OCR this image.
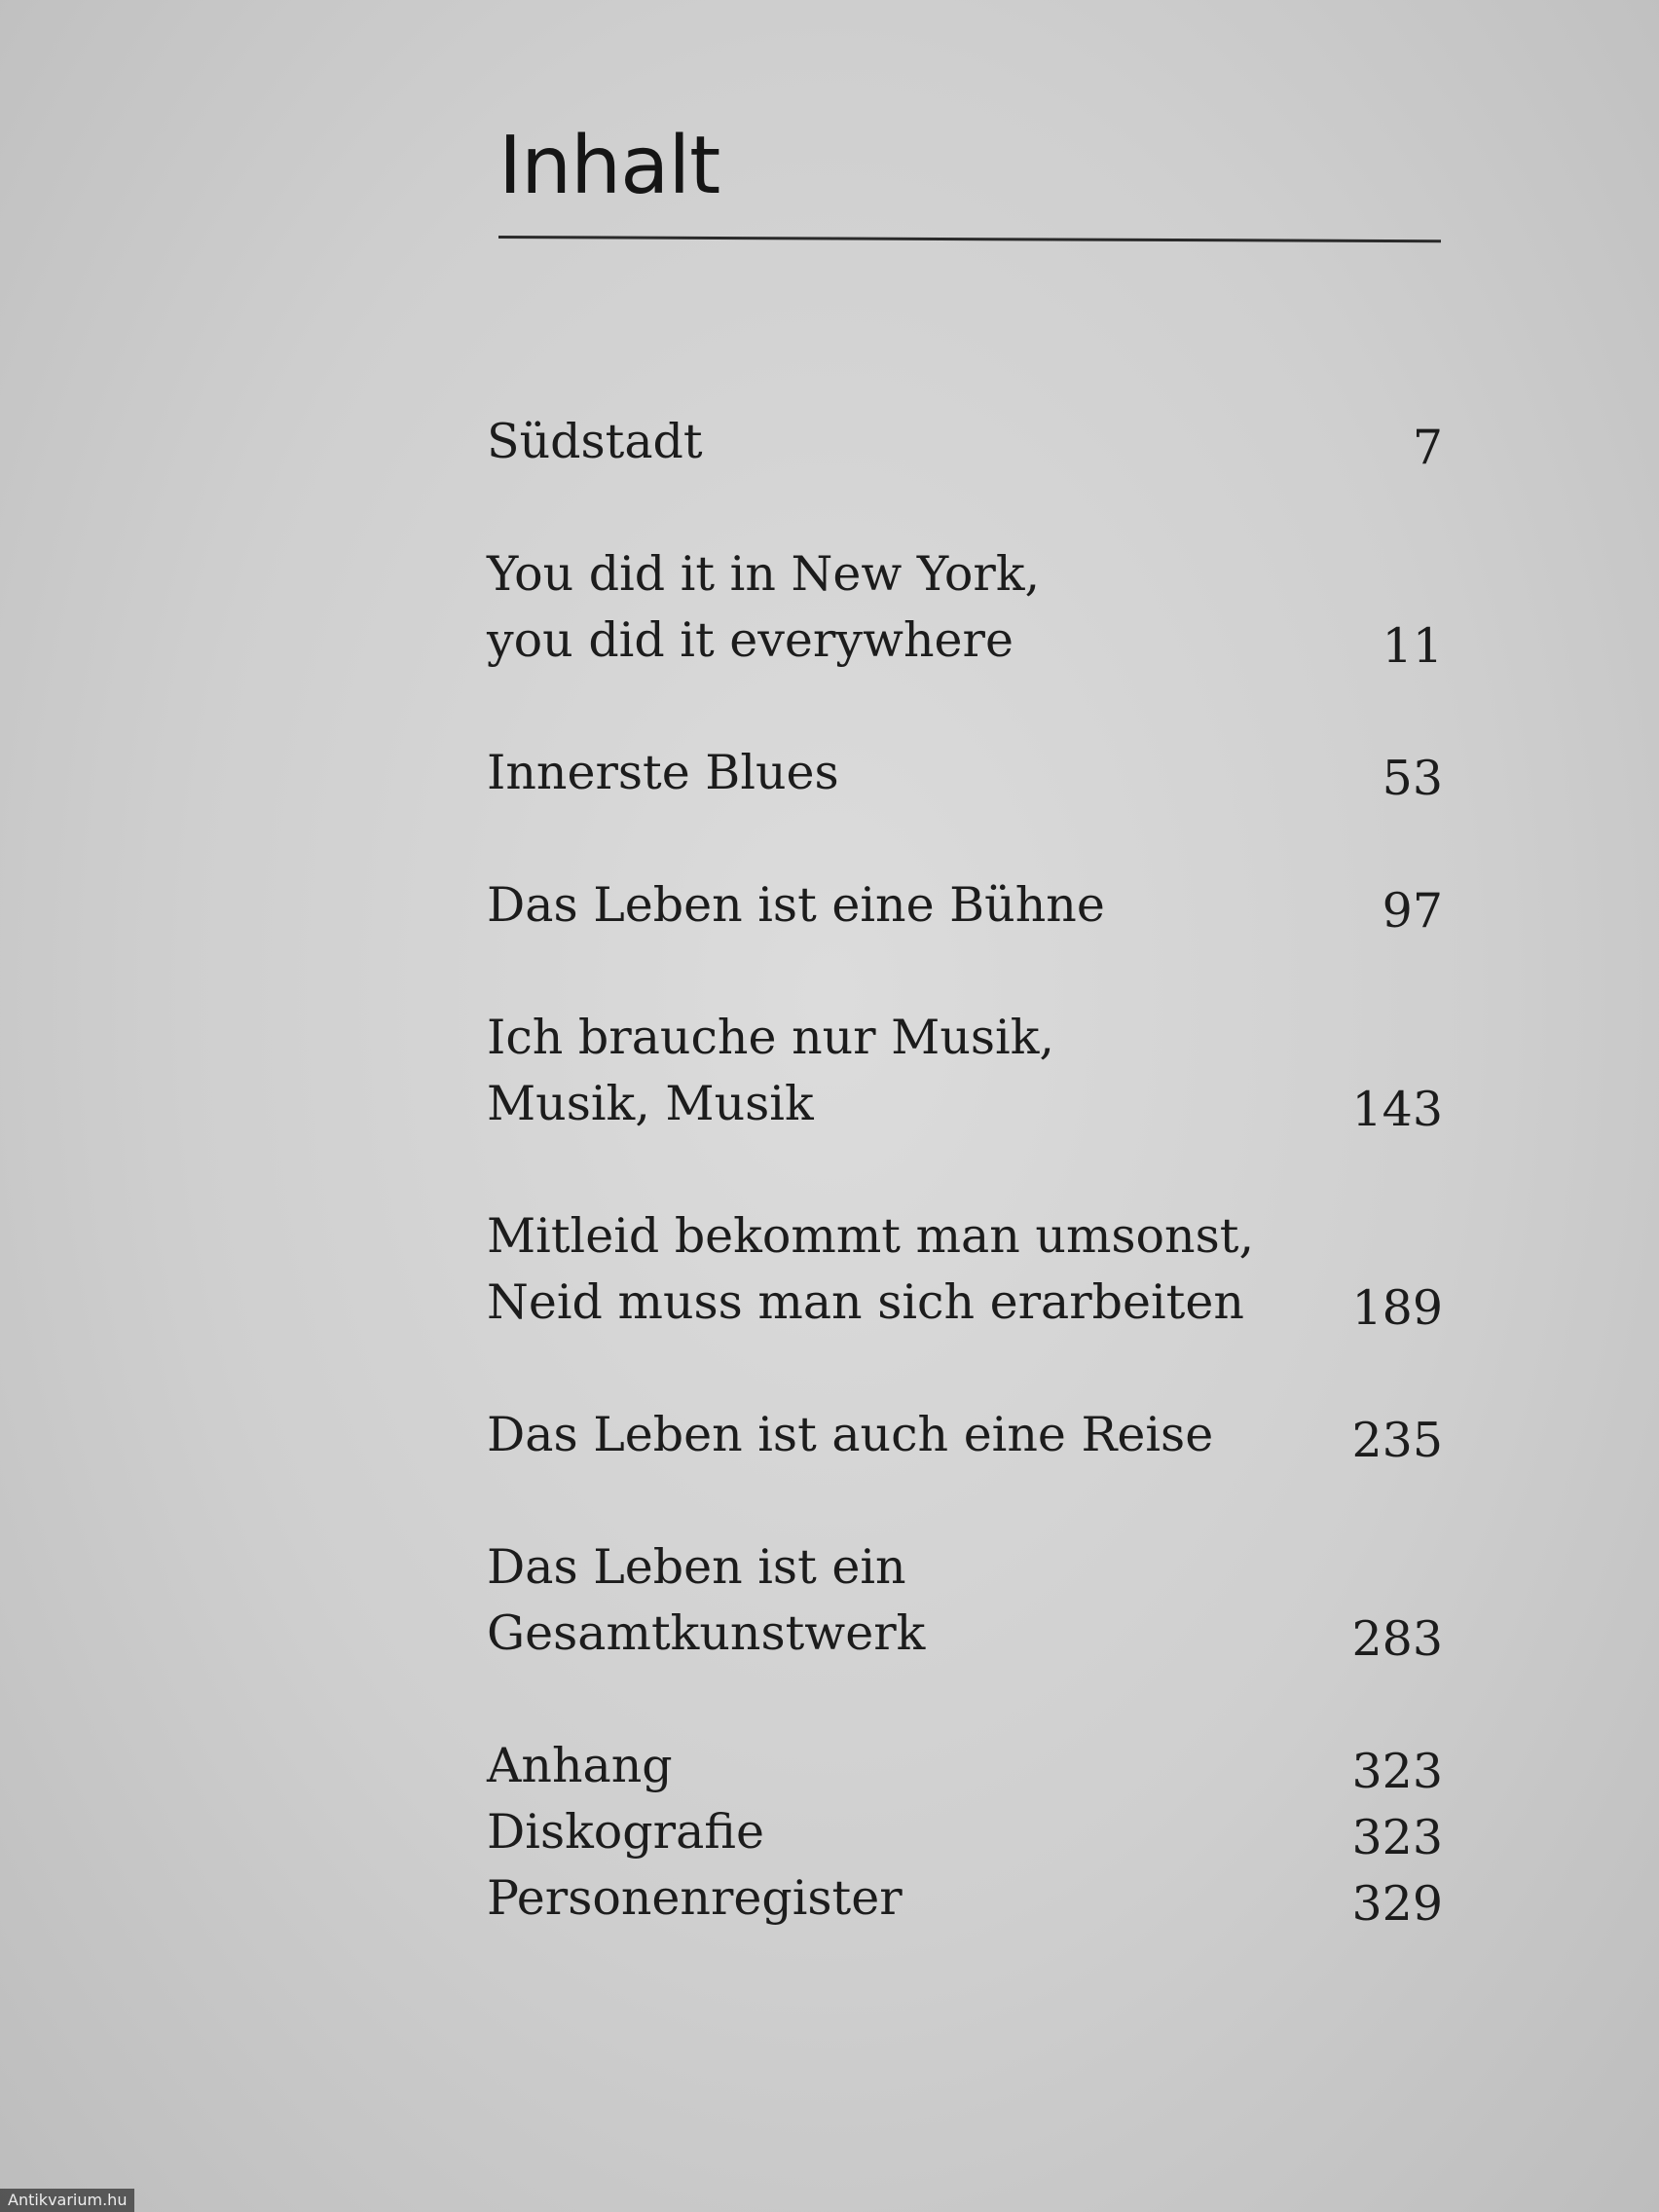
Inhalt
Südstadt	7
You did it in New York,
you did it everywhere	11
Innerste Blues	53
Das Leben ist eine Bühne	97
Ich brauche nur Musik,
Musik, Musik	143
Mitleid bekommt man umsonst,
Neid muss man sich erarbeiten	189
Das Leben ist auch eine Reise	235
Das Leben ist ein Gesamtkunstwerk	283
Anhang	323
Diskografie	323
Personenregister	329
Antikvarium.hu
